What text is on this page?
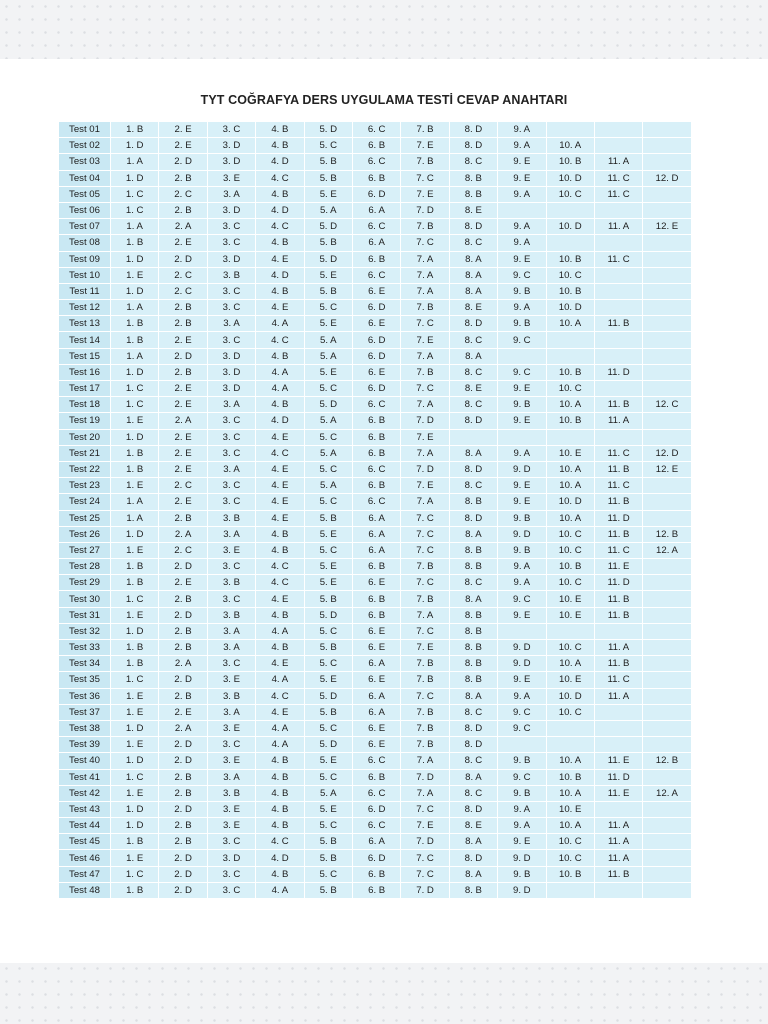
TYT COĞRAFYA DERS UYGULAMA TESTİ CEVAP ANAHTARI
Test 01	1. B	2. E	3. C	4. B	5. D	6. C	7. B	8. D	9. A			
Test 02	1. D	2. E	3. D	4. B	5. C	6. B	7. E	8. D	9. A	10. A		
Test 03	1. A	2. D	3. D	4. D	5. B	6. C	7. B	8. C	9. E	10. B	11. A	
Test 04	1. D	2. B	3. E	4. C	5. B	6. B	7. C	8. B	9. E	10. D	11. C	12. D
Test 05	1. C	2. C	3. A	4. B	5. E	6. D	7. E	8. B	9. A	10. C	11. C	
Test 06	1. C	2. B	3. D	4. D	5. A	6. A	7. D	8. E				
Test 07	1. A	2. A	3. C	4. C	5. D	6. C	7. B	8. D	9. A	10. D	11. A	12. E
Test 08	1. B	2. E	3. C	4. B	5. B	6. A	7. C	8. C	9. A			
Test 09	1. D	2. D	3. D	4. E	5. D	6. B	7. A	8. A	9. E	10. B	11. C	
Test 10	1. E	2. C	3. B	4. D	5. E	6. C	7. A	8. A	9. C	10. C		
Test 11	1. D	2. C	3. C	4. B	5. B	6. E	7. A	8. A	9. B	10. B		
Test 12	1. A	2. B	3. C	4. E	5. C	6. D	7. B	8. E	9. A	10. D		
Test 13	1. B	2. B	3. A	4. A	5. E	6. E	7. C	8. D	9. B	10. A	11. B	
Test 14	1. B	2. E	3. C	4. C	5. A	6. D	7. E	8. C	9. C			
Test 15	1. A	2. D	3. D	4. B	5. A	6. D	7. A	8. A				
Test 16	1. D	2. B	3. D	4. A	5. E	6. E	7. B	8. C	9. C	10. B	11. D	
Test 17	1. C	2. E	3. D	4. A	5. C	6. D	7. C	8. E	9. E	10. C		
Test 18	1. C	2. E	3. A	4. B	5. D	6. C	7. A	8. C	9. B	10. A	11. B	12. C
Test 19	1. E	2. A	3. C	4. D	5. A	6. B	7. D	8. D	9. E	10. B	11. A	
Test 20	1. D	2. E	3. C	4. E	5. C	6. B	7. E					
Test 21	1. B	2. E	3. C	4. C	5. A	6. B	7. A	8. A	9. A	10. E	11. C	12. D
Test 22	1. B	2. E	3. A	4. E	5. C	6. C	7. D	8. D	9. D	10. A	11. B	12. E
Test 23	1. E	2. C	3. C	4. E	5. A	6. B	7. E	8. C	9. E	10. A	11. C	
Test 24	1. A	2. E	3. C	4. E	5. C	6. C	7. A	8. B	9. E	10. D	11. B	
Test 25	1. A	2. B	3. B	4. E	5. B	6. A	7. C	8. D	9. B	10. A	11. D	
Test 26	1. D	2. A	3. A	4. B	5. E	6. A	7. C	8. A	9. D	10. C	11. B	12. B
Test 27	1. E	2. C	3. E	4. B	5. C	6. A	7. C	8. B	9. B	10. C	11. C	12. A
Test 28	1. B	2. D	3. C	4. C	5. E	6. B	7. B	8. B	9. A	10. B	11. E	
Test 29	1. B	2. E	3. B	4. C	5. E	6. E	7. C	8. C	9. A	10. C	11. D	
Test 30	1. C	2. B	3. C	4. E	5. B	6. B	7. B	8. A	9. C	10. E	11. B	
Test 31	1. E	2. D	3. B	4. B	5. D	6. B	7. A	8. B	9. E	10. E	11. B	
Test 32	1. D	2. B	3. A	4. A	5. C	6. E	7. C	8. B				
Test 33	1. B	2. B	3. A	4. B	5. B	6. E	7. E	8. B	9. D	10. C	11. A	
Test 34	1. B	2. A	3. C	4. E	5. C	6. A	7. B	8. B	9. D	10. A	11. B	
Test 35	1. C	2. D	3. E	4. A	5. E	6. E	7. B	8. B	9. E	10. E	11. C	
Test 36	1. E	2. B	3. B	4. C	5. D	6. A	7. C	8. A	9. A	10. D	11. A	
Test 37	1. E	2. E	3. A	4. E	5. B	6. A	7. B	8. C	9. C	10. C		
Test 38	1. D	2. A	3. E	4. A	5. C	6. E	7. B	8. D	9. C			
Test 39	1. E	2. D	3. C	4. A	5. D	6. E	7. B	8. D				
Test 40	1. D	2. D	3. E	4. B	5. E	6. C	7. A	8. C	9. B	10. A	11. E	12. B
Test 41	1. C	2. B	3. A	4. B	5. C	6. B	7. D	8. A	9. C	10. B	11. D	
Test 42	1. E	2. B	3. B	4. B	5. A	6. C	7. A	8. C	9. B	10. A	11. E	12. A
Test 43	1. D	2. D	3. E	4. B	5. E	6. D	7. C	8. D	9. A	10. E		
Test 44	1. D	2. B	3. E	4. B	5. C	6. C	7. E	8. E	9. A	10. A	11. A	
Test 45	1. B	2. B	3. C	4. C	5. B	6. A	7. D	8. A	9. E	10. C	11. A	
Test 46	1. E	2. D	3. D	4. D	5. B	6. D	7. C	8. D	9. D	10. C	11. A	
Test 47	1. C	2. D	3. C	4. B	5. C	6. B	7. C	8. A	9. B	10. B	11. B	
Test 48	1. B	2. D	3. C	4. A	5. B	6. B	7. D	8. B	9. D			
